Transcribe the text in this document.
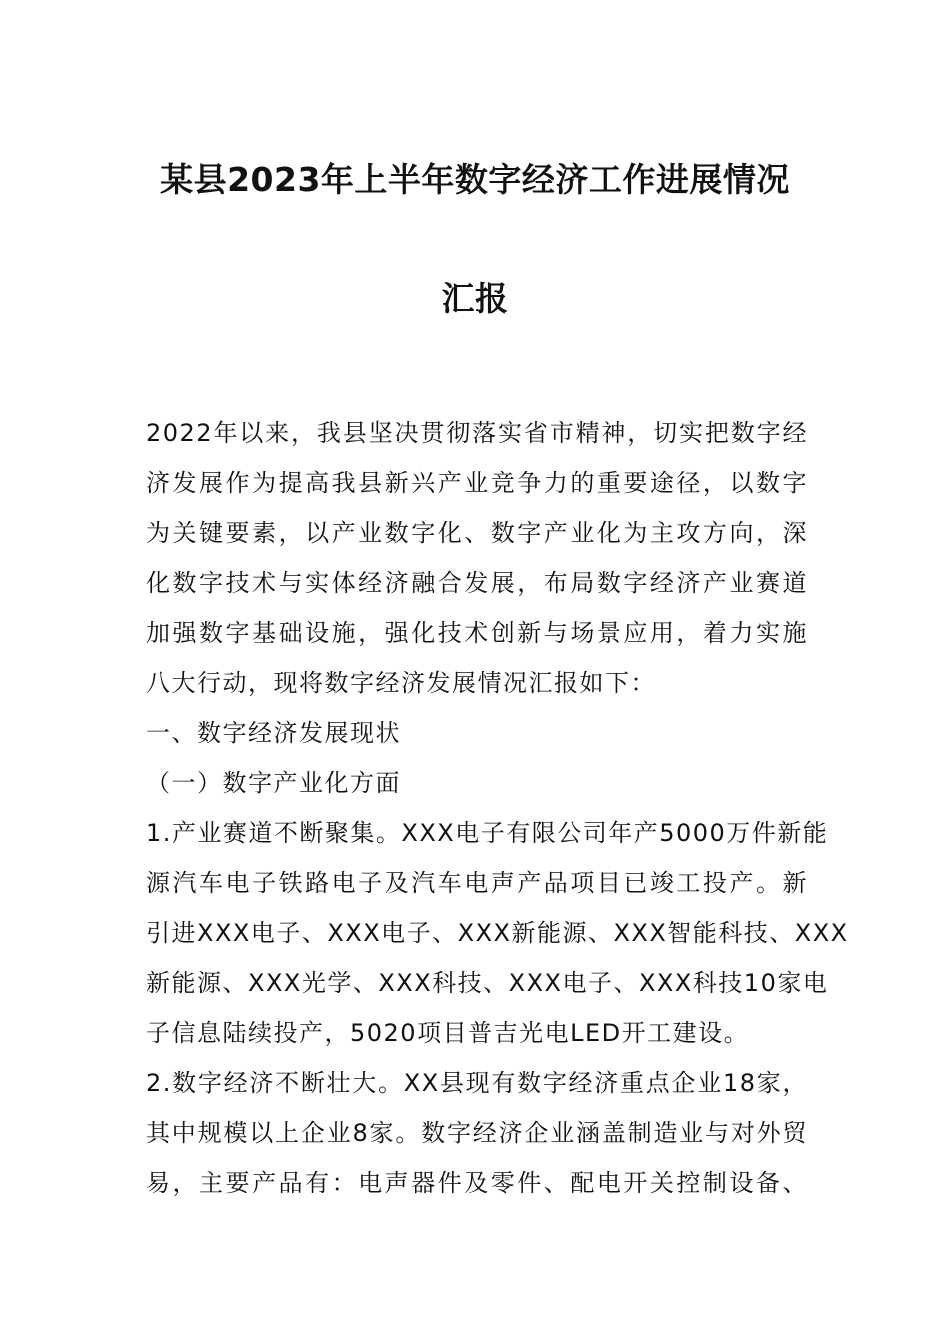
某县2023年上半年数字经济工作进展情况
汇报
2022年以来，我县坚决贯彻落实省市精神，切实把数字经
济发展作为提高我县新兴产业竞争力的重要途径，以数字
为关键要素，以产业数字化、数字产业化为主攻方向，深
化数字技术与实体经济融合发展，布局数字经济产业赛道
加强数字基础设施，强化技术创新与场景应用，着力实施
八大行动，现将数字经济发展情况汇报如下：
一、数字经济发展现状
（一）数字产业化方面
1.产业赛道不断聚集。XXX电子有限公司年产5000万件新能
源汽车电子铁路电子及汽车电声产品项目已竣工投产。新
引进XXX电子、XXX电子、XXX新能源、XXX智能科技、XXX
新能源、XXX光学、XXX科技、XXX电子、XXX科技10家电
子信息陆续投产，5020项目普吉光电LED开工建设。
2.数字经济不断壮大。XX县现有数字经济重点企业18家，
其中规模以上企业8家。数字经济企业涵盖制造业与对外贸
易，主要产品有：电声器件及零件、配电开关控制设备、
